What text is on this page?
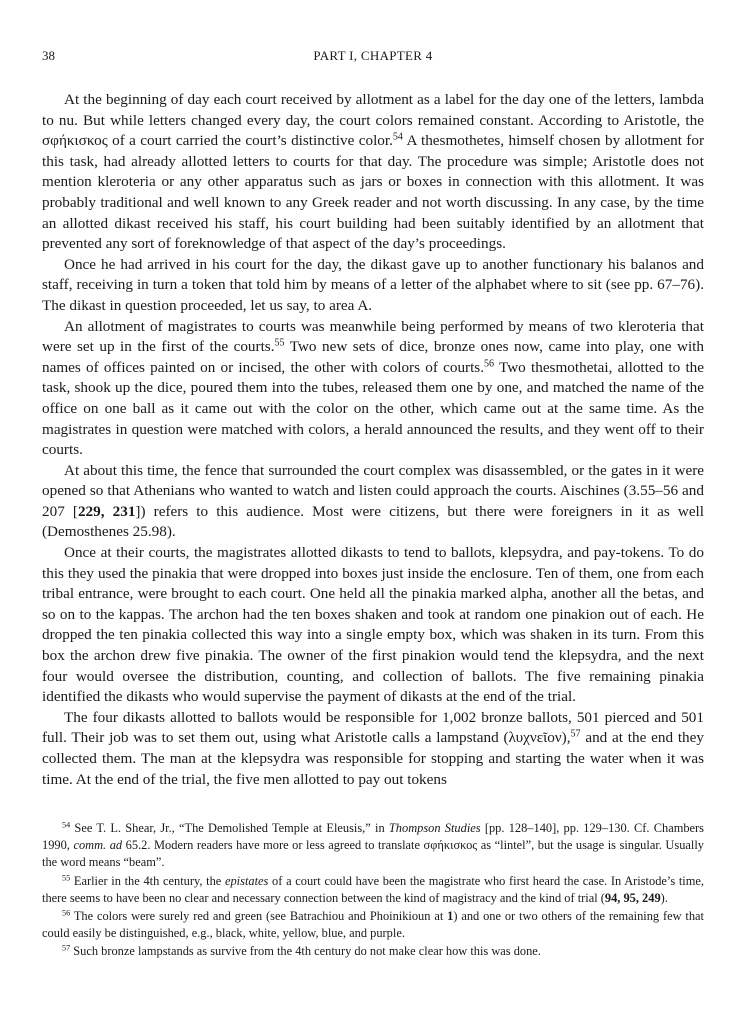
38	PART I, CHAPTER 4

At the beginning of day each court received by allotment as a label for the day one of the letters, lambda to nu. But while letters changed every day, the court colors remained constant. According to Aristotle, the σφήκισκος of a court carried the court’s distinctive color.$^{54}$ A thesmothetes, himself chosen by allotment for this task, had already allotted letters to courts for that day. The procedure was simple; Aristotle does not mention kleroteria or any other apparatus such as jars or boxes in connection with this allotment. It was probably traditional and well known to any Greek reader and not worth discussing. In any case, by the time an allotted dikast received his staff, his court building had been suitably identified by an allotment that prevented any sort of foreknowledge of that aspect of the day’s proceedings.

Once he had arrived in his court for the day, the dikast gave up to another functionary his balanos and staff, receiving in turn a token that told him by means of a letter of the alphabet where to sit (see pp. 67–76). The dikast in question proceeded, let us say, to area A.

An allotment of magistrates to courts was meanwhile being performed by means of two kleroteria that were set up in the first of the courts.$^{55}$ Two new sets of dice, bronze ones now, came into play, one with names of offices painted on or incised, the other with colors of courts.$^{56}$ Two thesmothetai, allotted to the task, shook up the dice, poured them into the tubes, released them one by one, and matched the name of the office on one ball as it came out with the color on the other, which came out at the same time. As the magistrates in question were matched with colors, a herald announced the results, and they went off to their courts.

At about this time, the fence that surrounded the court complex was disassembled, or the gates in it were opened so that Athenians who wanted to watch and listen could approach the courts. Aischines (3.55–56 and 207 [229, 231]) refers to this audience. Most were citizens, but there were foreigners in it as well (Demosthenes 25.98).

Once at their courts, the magistrates allotted dikasts to tend to ballots, klepsydra, and pay-tokens. To do this they used the pinakia that were dropped into boxes just inside the enclosure. Ten of them, one from each tribal entrance, were brought to each court. One held all the pinakia marked alpha, another all the betas, and so on to the kappas. The archon had the ten boxes shaken and took at random one pinakion out of each. He dropped the ten pinakia collected this way into a single empty box, which was shaken in its turn. From this box the archon drew five pinakia. The owner of the first pinakion would tend the klepsydra, and the next four would oversee the distribution, counting, and collection of ballots. The five remaining pinakia identified the dikasts who would supervise the payment of dikasts at the end of the trial.

The four dikasts allotted to ballots would be responsible for 1,002 bronze ballots, 501 pierced and 501 full. Their job was to set them out, using what Aristotle calls a lampstand (λυχνεῖον),$^{57}$ and at the end they collected them. The man at the klepsydra was responsible for stopping and starting the water when it was time. At the end of the trial, the five men allotted to pay out tokens

$^{54}$ See T. L. Shear, Jr., “The Demolished Temple at Eleusis,” in Thompson Studies [pp. 128–140], pp. 129–130. Cf. Chambers 1990, comm. ad 65.2. Modern readers have more or less agreed to translate σφήκισκος as “lintel”, but the usage is singular. Usually the word means “beam”.

$^{55}$ Earlier in the 4th century, the epistates of a court could have been the magistrate who first heard the case. In Aristode’s time, there seems to have been no clear and necessary connection between the kind of magistracy and the kind of trial (94, 95, 249).

$^{56}$ The colors were surely red and green (see Batrachiou and Phoinikioun at 1) and one or two others of the remaining few that could easily be distinguished, e.g., black, white, yellow, blue, and purple.

$^{57}$ Such bronze lampstands as survive from the 4th century do not make clear how this was done.
